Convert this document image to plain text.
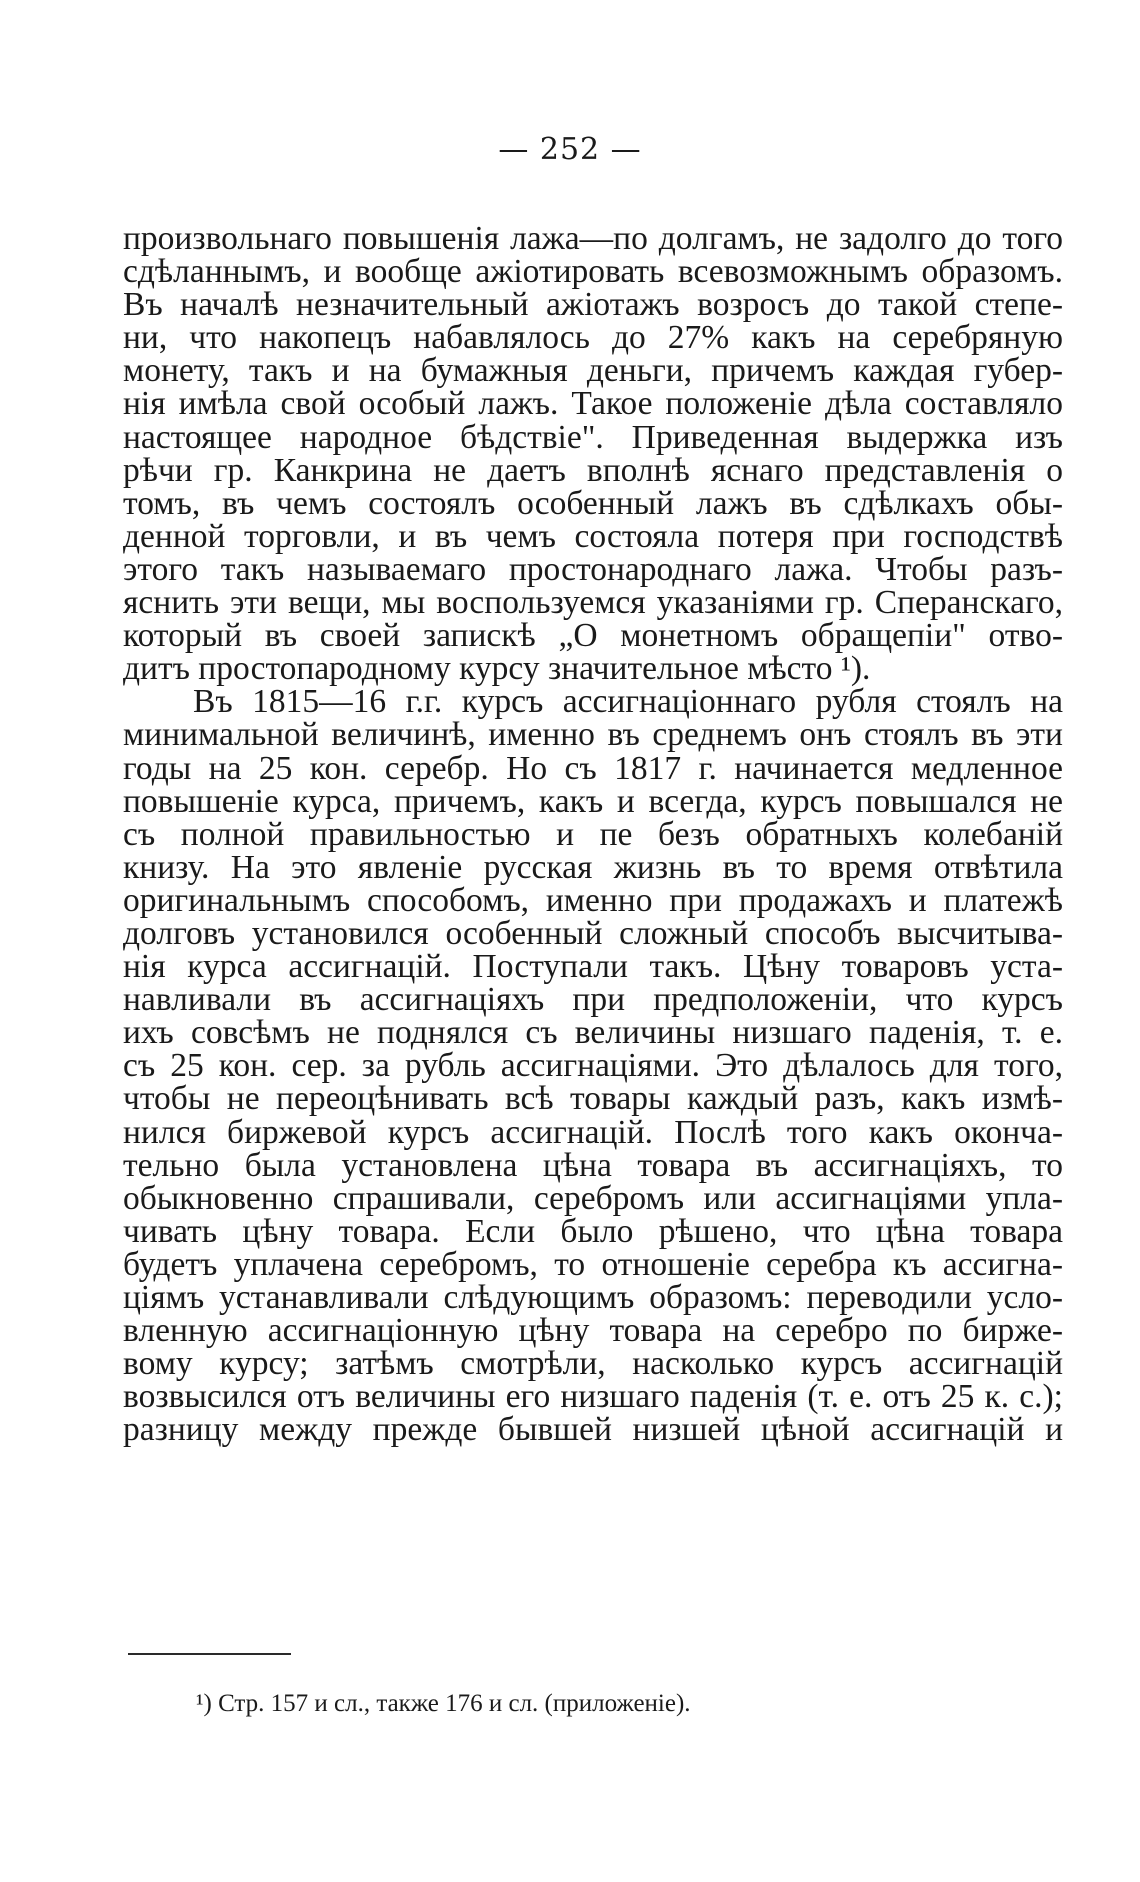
— 252 —
произвольнаго повышенія лажа—по долгамъ, не задолго до того
сдѣланнымъ, и вообще ажіотировать всевозможнымъ образомъ.
Въ началѣ незначительный ажіотажъ возросъ до такой степе-
ни, что накопецъ набавлялось до 27% какъ на серебряную
монету, такъ и на бумажныя деньги, причемъ каждая губер-
нія имѣла свой особый лажъ. Такое положеніе дѣла составляло
настоящее народное бѣдствіе". Приведенная выдержка изъ
рѣчи гр. Канкрина не даетъ вполнѣ яснаго представленія о
томъ, въ чемъ состоялъ особенный лажъ въ сдѣлкахъ обы-
денной торговли, и въ чемъ состояла потеря при господствѣ
этого такъ называемаго простонароднаго лажа. Чтобы разъ-
яснить эти вещи, мы воспользуемся указаніями гр. Сперанскаго,
который въ своей запискѣ „О монетномъ обращепіи" отво-
дитъ простопародному курсу значительное мѣсто ¹).
Въ 1815—16 г.г. курсъ ассигнаціоннаго рубля стоялъ на
минимальной величинѣ, именно въ среднемъ онъ стоялъ въ эти
годы на 25 кон. серебр. Но съ 1817 г. начинается медленное
повышеніе курса, причемъ, какъ и всегда, курсъ повышался не
съ полной правильностью и пе безъ обратныхъ колебаній
книзу. На это явленіе русская жизнь въ то время отвѣтила
оригинальнымъ способомъ, именно при продажахъ и платежѣ
долговъ установился особенный сложный способъ высчитыва-
нія курса ассигнацій. Поступали такъ. Цѣну товаровъ уста-
навливали въ ассигнаціяхъ при предположеніи, что курсъ
ихъ совсѣмъ не поднялся съ величины низшаго паденія, т. е.
съ 25 кон. сер. за рубль ассигнаціями. Это дѣлалось для того,
чтобы не переоцѣнивать всѣ товары каждый разъ, какъ измѣ-
нился биржевой курсъ ассигнацій. Послѣ того какъ оконча-
тельно была установлена цѣна товара въ ассигнаціяхъ, то
обыкновенно спрашивали, серебромъ или ассигнаціями упла-
чивать цѣну товара. Если было рѣшено, что цѣна товара
будетъ уплачена серебромъ, то отношеніе серебра къ ассигна-
ціямъ устанавливали слѣдующимъ образомъ: переводили усло-
вленную ассигнаціонную цѣну товара на серебро по бирже-
вому курсу; затѣмъ смотрѣли, насколько курсъ ассигнацій
возвысился отъ величины его низшаго паденія (т. е. отъ 25 к. с.);
разницу между прежде бывшей низшей цѣной ассигнацій и
¹) Стр. 157 и сл., также 176 и сл. (приложеніе).
